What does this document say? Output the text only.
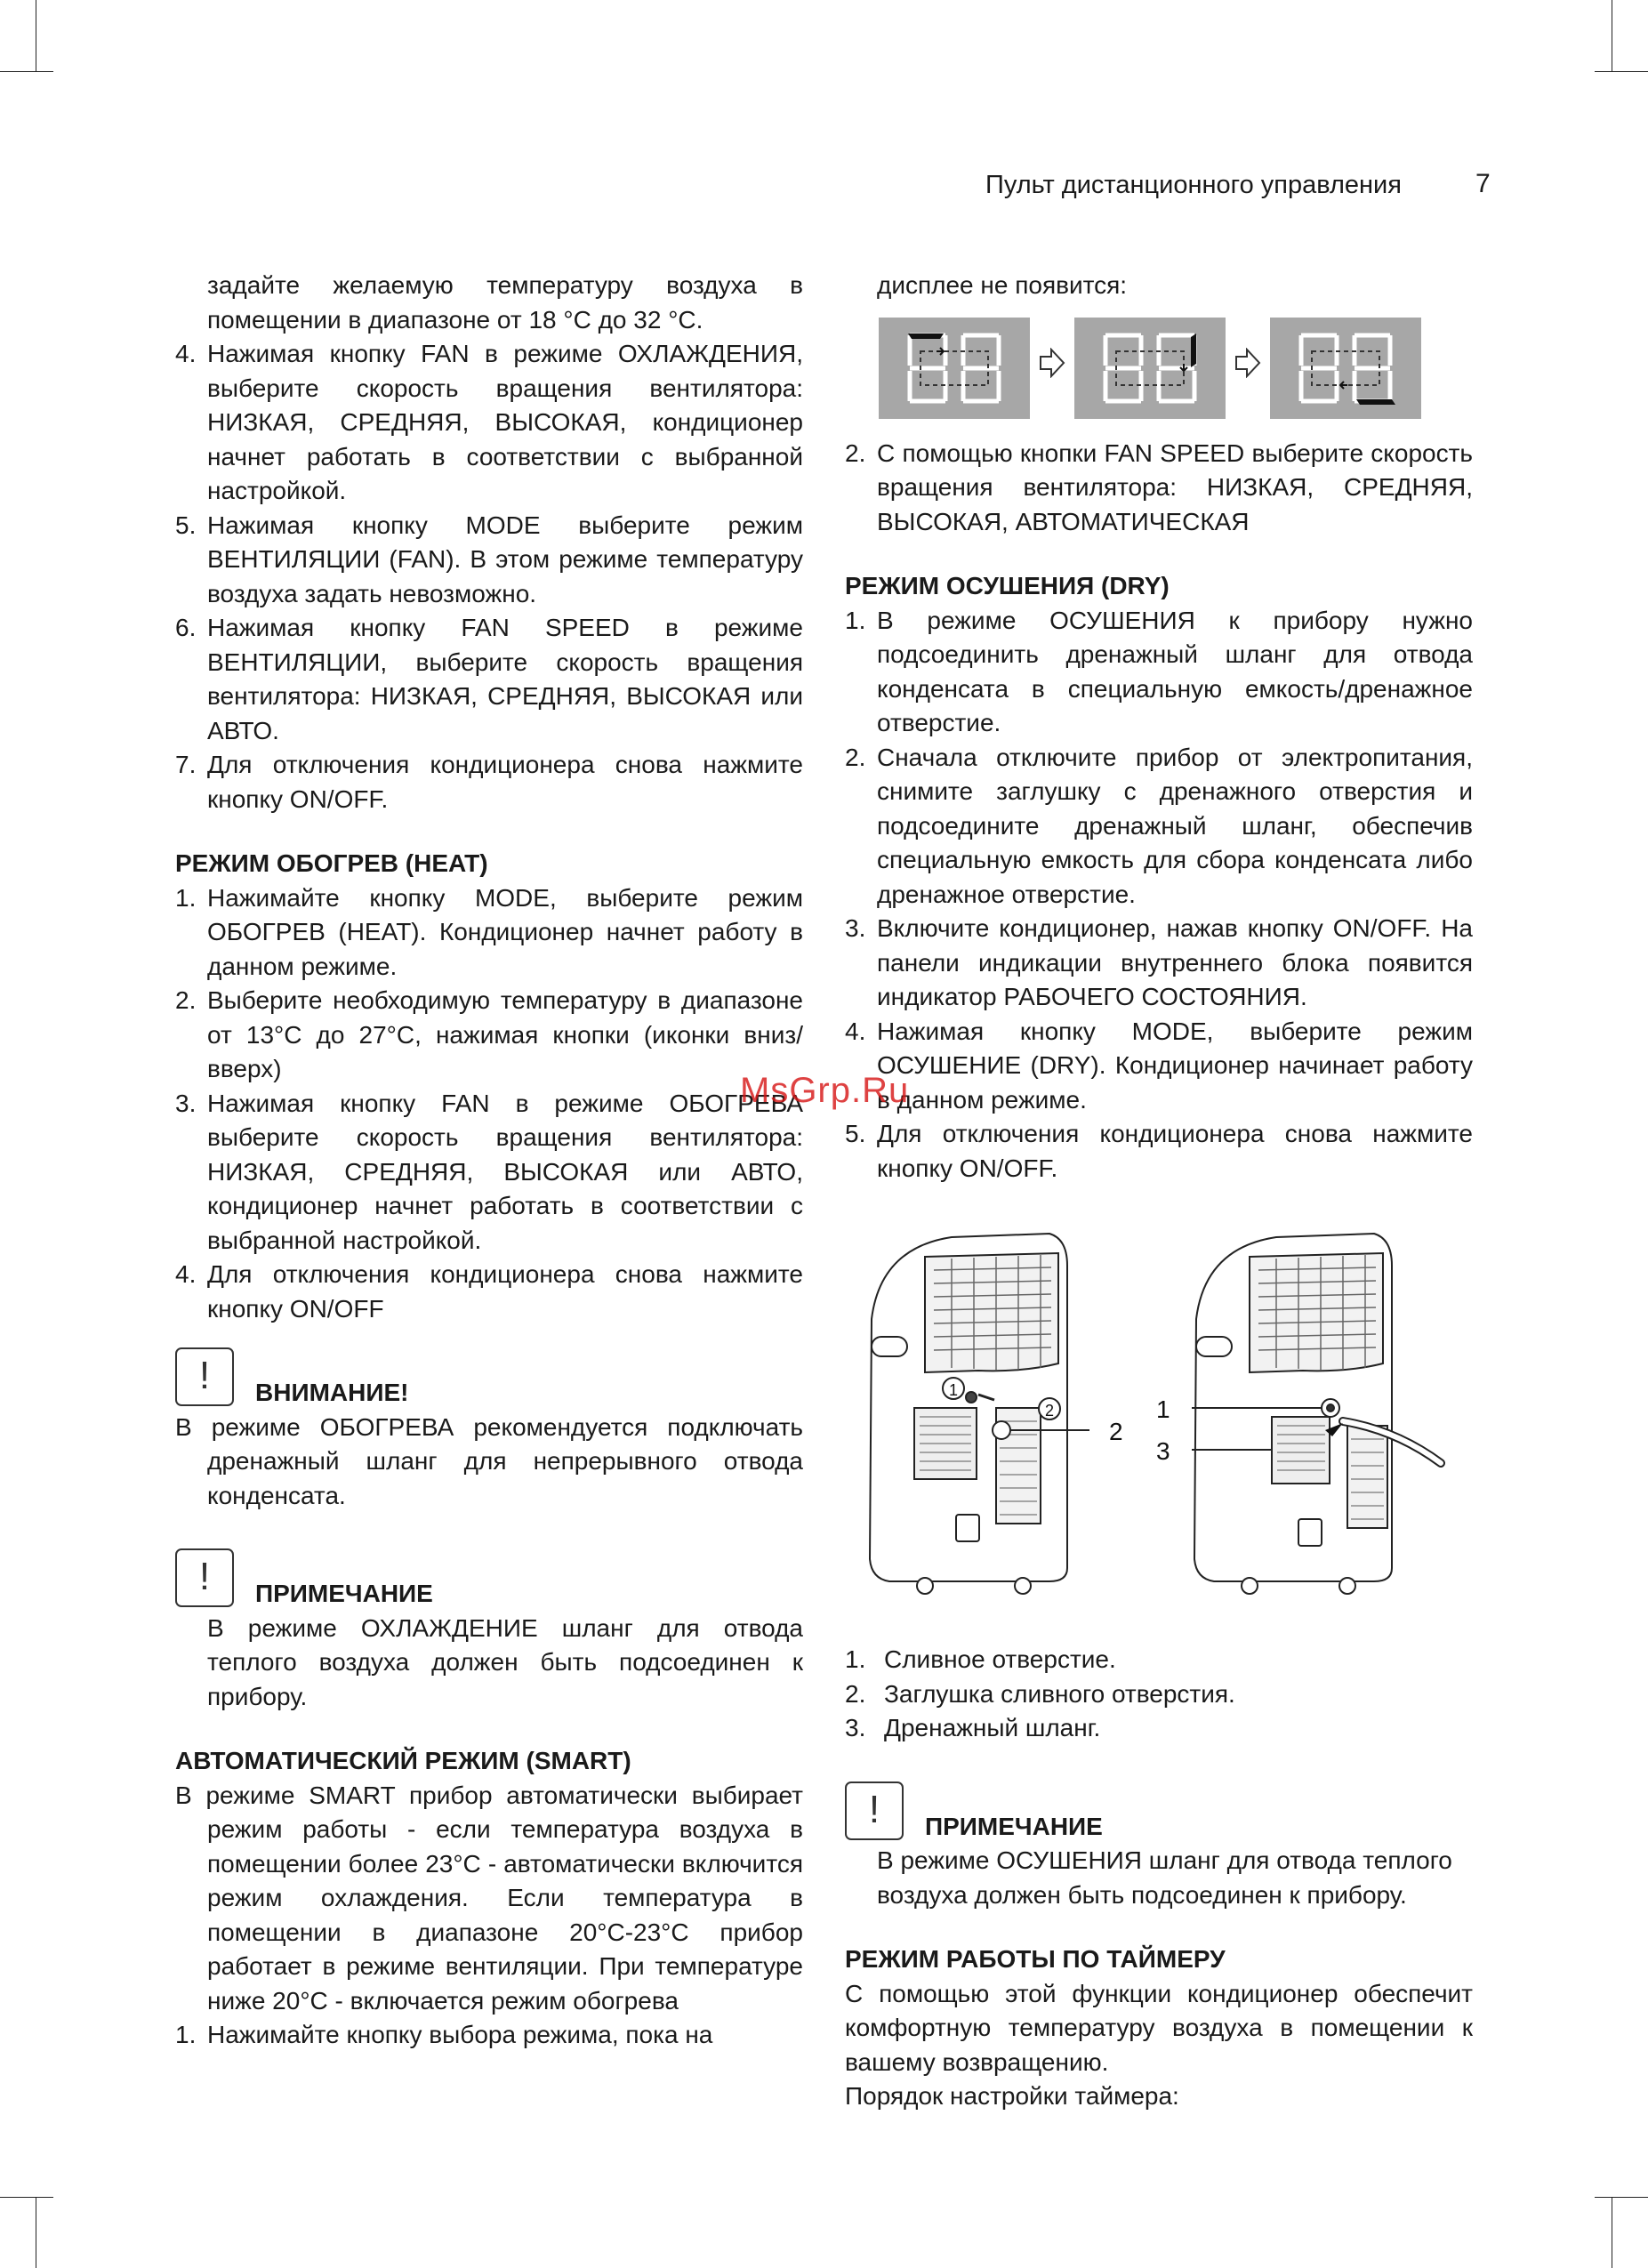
Пульт дистанционного управления	7

задайте желаемую температуру воздуха в помещении в диапазоне от 18 °C до 32 °C.

4. Нажимая кнопку FAN в режиме ОХЛАЖДЕНИЯ, выберите скорость вращения вентилятора: НИЗКАЯ, СРЕДНЯЯ, ВЫСОКАЯ, кондиционер начнет работать в соответствии с выбранной настройкой.
5. Нажимая кнопку MODE выберите режим ВЕНТИЛЯЦИИ (FAN). В этом режиме температуру воздуха задать невозможно.
6. Нажимая кнопку FAN SPEED в режиме ВЕНТИЛЯЦИИ, выберите скорость вращения вентилятора: НИЗКАЯ, СРЕДНЯЯ, ВЫСОКАЯ или АВТО.
7. Для отключения кондиционера снова нажмите кнопку ON/OFF.

РЕЖИМ ОБОГРЕВ (HEAT)

1. Нажимайте кнопку MODE, выберите режим ОБОГРЕВ (HEAT). Кондиционер начнет работу в данном режиме.
2. Выберите необходимую температуру в диапазоне от 13°C до 27°C, нажимая кнопки (иконки вниз/вверх)
3. Нажимая кнопку FAN в режиме ОБОГРЕВА выберите скорость вращения вентилятора: НИЗКАЯ, СРЕДНЯЯ, ВЫСОКАЯ или АВТО, кондиционер начнет работать в соответствии с выбранной настройкой.
4. Для отключения кондиционера снова нажмите кнопку ON/OFF
!	ВНИМАНИЕ!

В режиме ОБОГРЕВА рекомендуется подключать дренажный шланг для непрерывного отвода конденсата.

!	ПРИМЕЧАНИЕ

В режиме ОХЛАЖДЕНИЕ шланг для отвода теплого воздуха должен быть подсоединен к прибору.

АВТОМАТИЧЕСКИЙ РЕЖИМ (SMART)

В режиме SMART прибор автоматически выбирает режим работы - если температура воздуха в помещении более 23°C - автоматически включится режим охлаждения. Если температура в помещении в диапазоне 20°C-23°C прибор работает в режиме вентиляции. При температуре ниже 20°C - включается режим обогрева

1. Нажимайте кнопку выбора режима, пока на

дисплее не появится:

2. С помощью кнопки FAN SPEED выберите скорость вращения вентилятора: НИЗКАЯ, СРЕДНЯЯ, ВЫСОКАЯ, АВТОМАТИЧЕСКАЯ

РЕЖИМ ОСУШЕНИЯ (DRY)

1. В режиме ОСУШЕНИЯ к прибору нужно подсоединить дренажный шланг для отвода конденсата в специальную емкость/дренажное отверстие.
2. Сначала отключите прибор от электропитания, снимите заглушку с дренажного отверстия и подсоедините дренажный шланг, обеспечив специальную емкость для сбора конденсата либо дренажное отверстие.
3. Включите кондиционер, нажав кнопку ON/OFF. На панели индикации внутреннего блока появится индикатор РАБОЧЕГО СОСТОЯНИЯ.
4. Нажимая кнопку MODE, выберите режим ОСУШЕНИЕ (DRY). Кондиционер начинает работу в данном режиме.
5. Для отключения кондиционера снова нажмите кнопку ON/OFF.
1
2
2
1
3
1. Сливное отверстие.
2. Заглушка сливного отверстия.
3. Дренажный шланг.
!	ПРИМЕЧАНИЕ

В режиме ОСУШЕНИЯ шланг для отвода теплого воздуха должен быть подсоединен к прибору.

РЕЖИМ РАБОТЫ ПО ТАЙМЕРУ

С помощью этой функции кондиционер обеспечит комфортную температуру воздуха в помещении к вашему возвращению.

Порядок настройки таймера:

MsGrp.Ru
